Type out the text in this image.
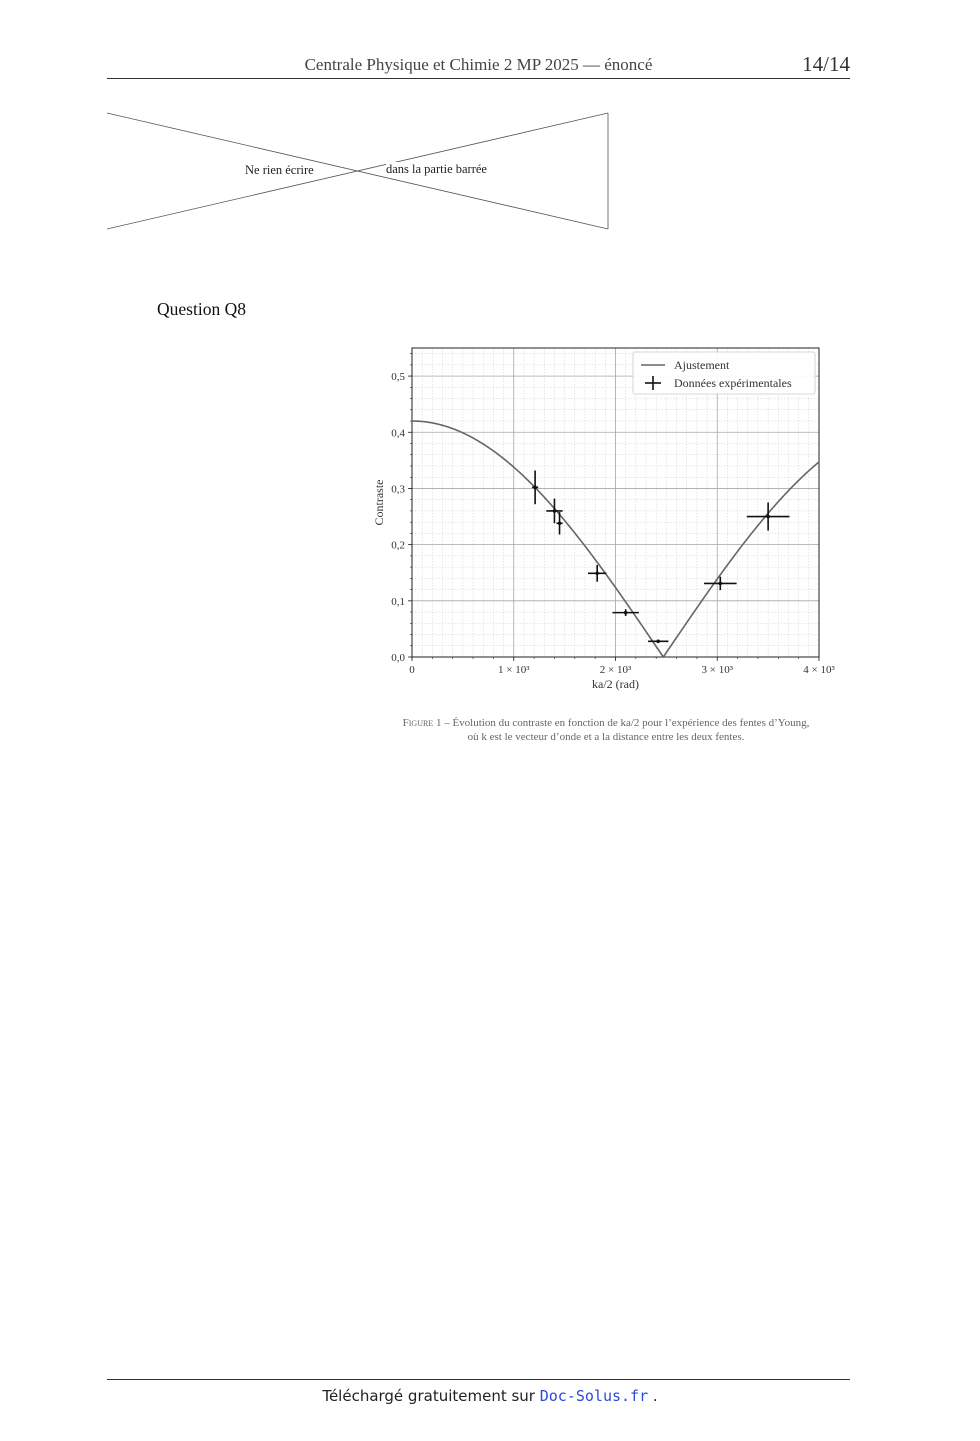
Centrale Physique et Chimie 2 MP 2025 — énoncé	14/14
Ne rien écrire	dans la partie barrée
Question Q8
0	1 × 10³	2 × 10³	3 × 10³	4 × 10³
0,0
0,1
0,2
0,3
0,4
0,5
ka/2 (rad)
Contraste
Ajustement
Données expérimentales
Figure 1 – Évolution du contraste en fonction de ka/2 pour l’expérience des fentes d’Young,
où k est le vecteur d’onde et a la distance entre les deux fentes.
Téléchargé gratuitement sur Doc-Solus.fr .
